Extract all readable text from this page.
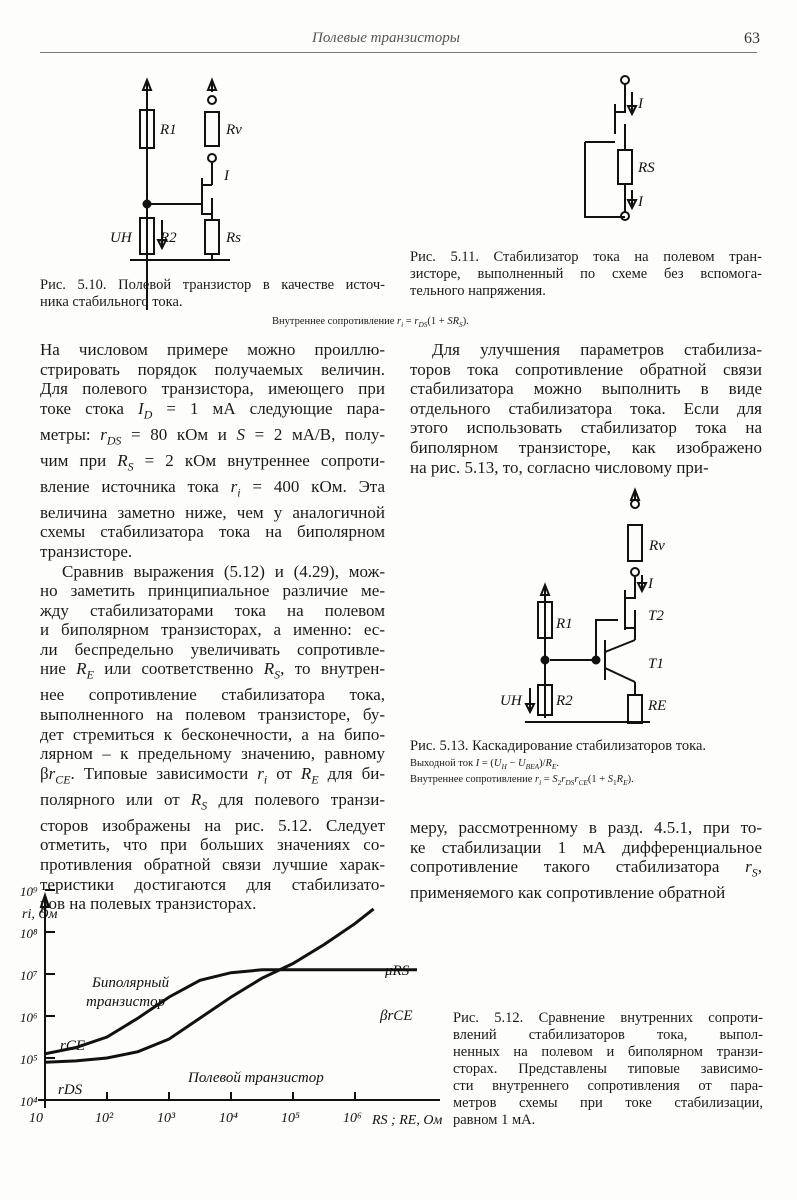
Полевые транзисторы	63
R1	Rv
I
R2	Rs
UH
Рис. 5.10. Полевой транзистор в качестве источ-
ника стабильного тока.
I
RS
I
−
Рис. 5.11. Стабилизатор тока на полевом тран-
зисторе, выполненный по схеме без вспомога-
тельного напряжения.
Внутреннее сопротивление $r_i = r_{DS}(1 + SR_S)$.
На числовом примере можно проиллю-
стрировать порядок получаемых величин.
Для полевого транзистора, имеющего при
токе стока $I_D = 1$ мА следующие пара-
метры: $r_{DS} = 80$ кОм и S = 2 мА/В, полу-
чим при $R_S = 2$ кОм внутреннее сопроти-
вление источника тока $r_i = 400$ кОм. Эта
величина заметно ниже, чем у аналогичной
схемы стабилизатора тока на биполярном
транзисторе.
Сравнив выражения (5.12) и (4.29), мож-
но заметить принципиальное различие ме-
жду стабилизаторами тока на полевом
и биполярном транзисторах, а именно: ес-
ли беспредельно увеличивать сопротивле-
ние $R_E$ или соответственно $R_S$, то внутрен-
нее сопротивление стабилизатора тока,
выполненного на полевом транзисторе, бу-
дет стремиться к бесконечности, а на бипо-
лярном – к предельному значению, равному
$\beta r_{CE}$. Типовые зависимости $r_i$ от $R_E$ для би-
полярного или от $R_S$ для полевого транзи-
сторов изображены на рис. 5.12. Следует
отметить, что при больших значениях со-
противления обратной связи лучшие харак-
теристики достигаются для стабилизато-
ров на полевых транзисторах.
Для улучшения параметров стабилиза-
торов тока сопротивление обратной связи
стабилизатора можно выполнить в виде
отдельного стабилизатора тока. Если для
этого использовать стабилизатор тока на
биполярном транзисторе, как изображено
на рис. 5.13, то, согласно числовому при-
R1
Rv
I
T2
T1
RE
R2
UH
Рис. 5.13. Каскадирование стабилизаторов тока.
Выходной ток $I = (U_H - U_{BEA})/R_E$.
Внутреннее сопротивление $r_i = S_2r_{DS}r_{CE}(1 + S_1R_E)$.
меру, рассмотренному в разд. 4.5.1, при то-
ке стабилизации 1 мА дифференциальное
сопротивление такого стабилизатора $r_S$,
применяемого как сопротивление обратной
10⁴
10⁵
10⁶
10⁷
10⁸
10⁹
10	10²	10³	10⁴	10⁵	10⁶
ri, Ом
RS ; RE, Ом
Биполярный
транзистор
βrCE
rCE
Полевой транзистор
μRS
rDS
Рис. 5.12. Сравнение внутренних сопроти-
влений стабилизаторов тока, выпол-
ненных на полевом и биполярном транзи-
сторах. Представлены типовые зависимо-
сти внутреннего сопротивления от пара-
метров схемы при токе стабилизации,
равном 1 мА.
